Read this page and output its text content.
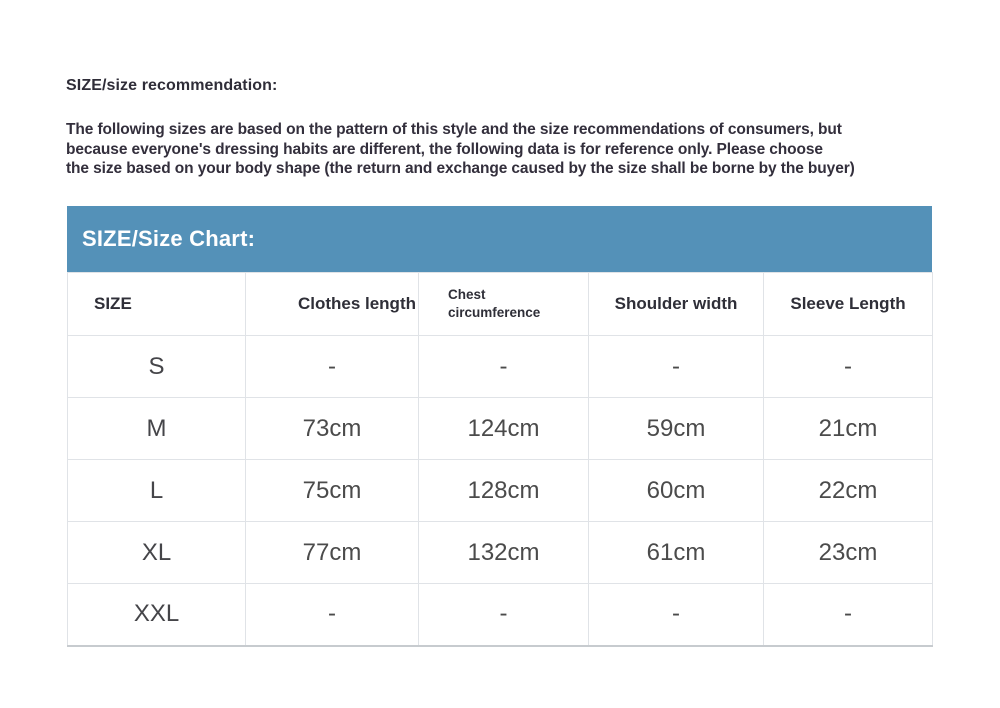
SIZE/size recommendation:
The following sizes are based on the pattern of this style and the size recommendations of consumers, but
because everyone's dressing habits are different, the following data is for reference only. Please choose
the size based on your body shape (the return and exchange caused by the size shall be borne by the buyer)
SIZE/Size Chart:
SIZE	Clothes length	Chest circumference	Shoulder width	Sleeve Length
S	-	-	-	-
M	73cm	124cm	59cm	21cm
L	75cm	128cm	60cm	22cm
XL	77cm	132cm	61cm	23cm
XXL	-	-	-	-
